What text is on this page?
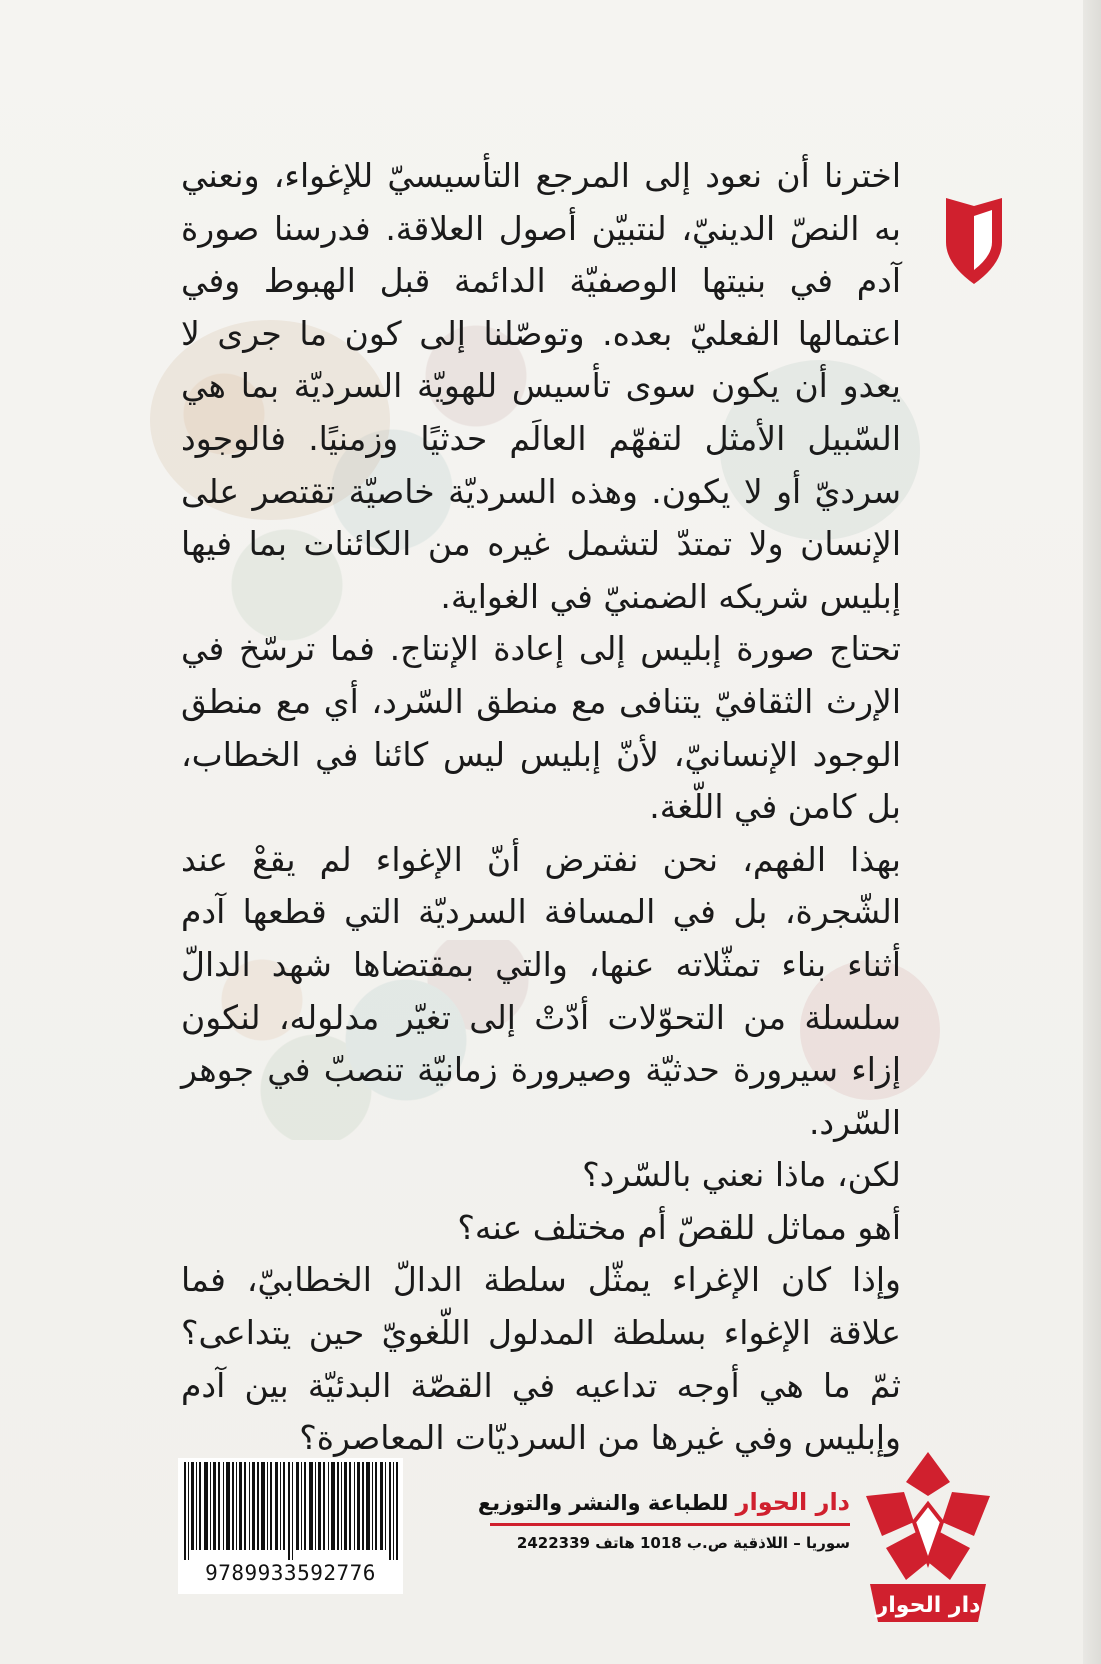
اخترنا أن نعود إلى المرجع التأسيسيّ للإغواء، ونعني به النصّ الدينيّ، لنتبيّن أصول العلاقة. فدرسنا صورة آدم في بنيتها الوصفيّة الدائمة قبل الهبوط وفي اعتمالها الفعليّ بعده. وتوصّلنا إلى كون ما جرى لا يعدو أن يكون سوى تأسيس للهويّة السرديّة بما هي السّبيل الأمثل لتفهّم العالَم حدثيًا وزمنيًا. فالوجود سرديّ أو لا يكون. وهذه السرديّة خاصيّة تقتصر على الإنسان ولا تمتدّ لتشمل غيره من الكائنات بما فيها إبليس شريكه الضمنيّ في الغواية.

تحتاج صورة إبليس إلى إعادة الإنتاج. فما ترسّخ في الإرث الثقافيّ يتنافى مع منطق السّرد، أي مع منطق الوجود الإنسانيّ، لأنّ إبليس ليس كائنا في الخطاب، بل كامن في اللّغة.

بهذا الفهم، نحن نفترض أنّ الإغواء لم يقعْ عند الشّجرة، بل في المسافة السرديّة التي قطعها آدم أثناء بناء تمثّلاته عنها، والتي بمقتضاها شهد الدالّ سلسلة من التحوّلات أدّتْ إلى تغيّر مدلوله، لنكون إزاء سيرورة حدثيّة وصيرورة زمانيّة تنصبّ في جوهر السّرد.

لكن، ماذا نعني بالسّرد؟

أهو مماثل للقصّ أم مختلف عنه؟

وإذا كان الإغراء يمثّل سلطة الدالّ الخطابيّ، فما علاقة الإغواء بسلطة المدلول اللّغويّ حين يتداعى؟ ثمّ ما هي أوجه تداعيه في القصّة البدئيّة بين آدم وإبليس وفي غيرها من السرديّات المعاصرة؟

9789933592776
دار الحوار للطباعة والنشر والتوزيع
سوريا – اللاذقية ص.ب 1018 هاتف 2422339
دار الحوار
